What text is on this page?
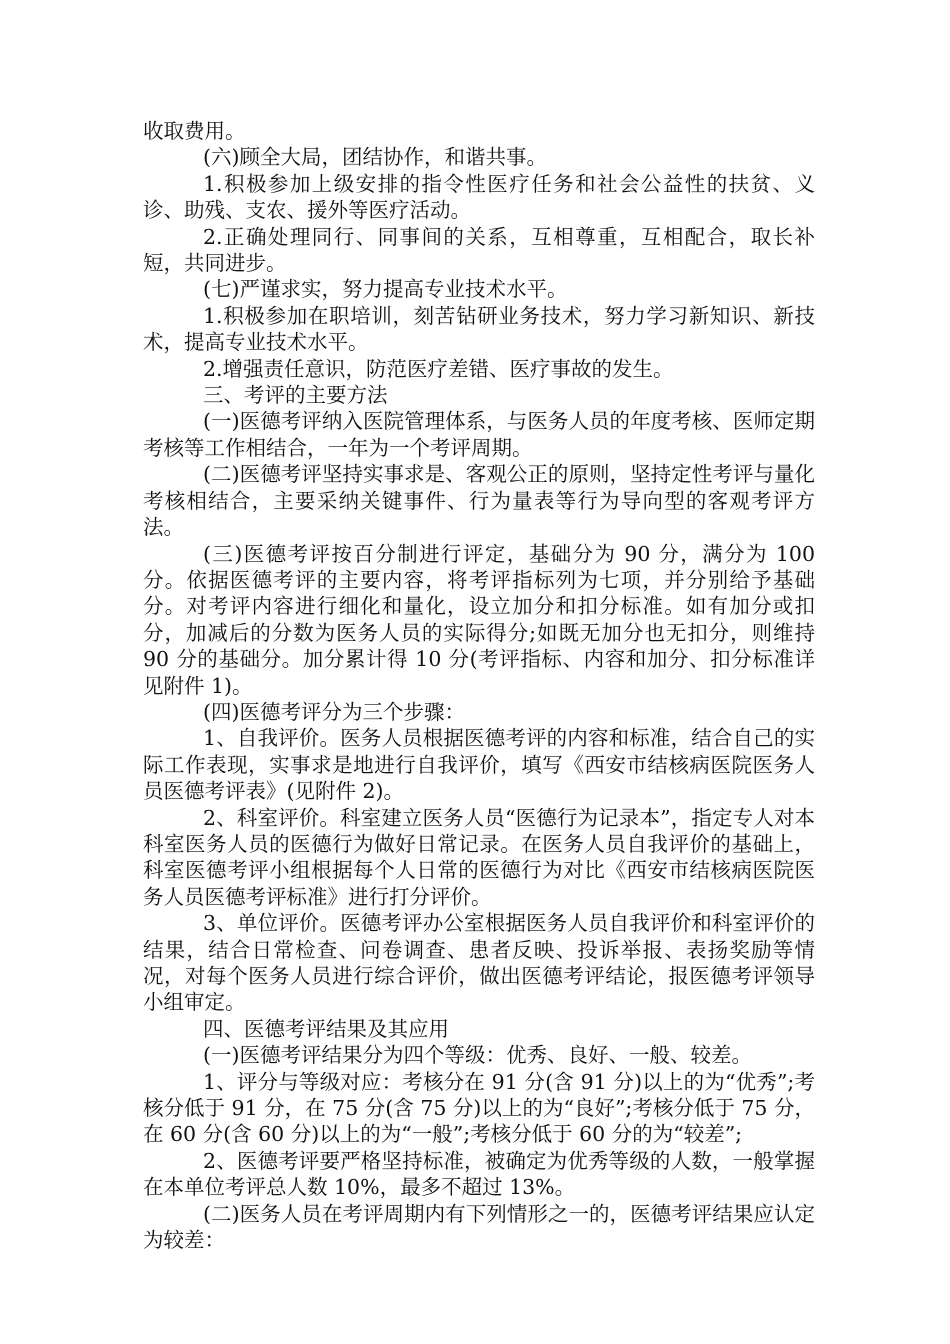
收取费用。

(六)顾全大局，团结协作，和谐共事。

1.积极参加上级安排的指令性医疗任务和社会公益性的扶贫、义诊、助残、支农、援外等医疗活动。

2.正确处理同行、同事间的关系，互相尊重，互相配合，取长补短，共同进步。

(七)严谨求实，努力提高专业技术水平。

1.积极参加在职培训，刻苦钻研业务技术，努力学习新知识、新技术，提高专业技术水平。

2.增强责任意识，防范医疗差错、医疗事故的发生。

三、考评的主要方法

(一)医德考评纳入医院管理体系，与医务人员的年度考核、医师定期考核等工作相结合，一年为一个考评周期。

(二)医德考评坚持实事求是、客观公正的原则，坚持定性考评与量化考核相结合，主要采纳关键事件、行为量表等行为导向型的客观考评方法。

(三)医德考评按百分制进行评定，基础分为 90 分，满分为 100 分。依据医德考评的主要内容，将考评指标列为七项，并分别给予基础分。对考评内容进行细化和量化，设立加分和扣分标准。如有加分或扣分，加减后的分数为医务人员的实际得分;如既无加分也无扣分，则维持 90 分的基础分。加分累计得 10 分(考评指标、内容和加分、扣分标准详见附件 1)。

(四)医德考评分为三个步骤：

1、自我评价。医务人员根据医德考评的内容和标准，结合自己的实际工作表现，实事求是地进行自我评价，填写《西安市结核病医院医务人员医德考评表》(见附件 2)。

2、科室评价。科室建立医务人员“医德行为记录本”，指定专人对本科室医务人员的医德行为做好日常记录。在医务人员自我评价的基础上，科室医德考评小组根据每个人日常的医德行为对比《西安市结核病医院医务人员医德考评标准》进行打分评价。

3、单位评价。医德考评办公室根据医务人员自我评价和科室评价的结果，结合日常检查、问卷调查、患者反映、投诉举报、表扬奖励等情况，对每个医务人员进行综合评价，做出医德考评结论，报医德考评领导小组审定。

四、医德考评结果及其应用

(一)医德考评结果分为四个等级：优秀、良好、一般、较差。

1、评分与等级对应：考核分在 91 分(含 91 分)以上的为“优秀”;考核分低于 91 分，在 75 分(含 75 分)以上的为“良好”;考核分低于 75 分，在 60 分(含 60 分)以上的为“一般”;考核分低于 60 分的为“较差”;

2、医德考评要严格坚持标准，被确定为优秀等级的人数，一般掌握在本单位考评总人数 10%，最多不超过 13%。

(二)医务人员在考评周期内有下列情形之一的，医德考评结果应认定为较差：
